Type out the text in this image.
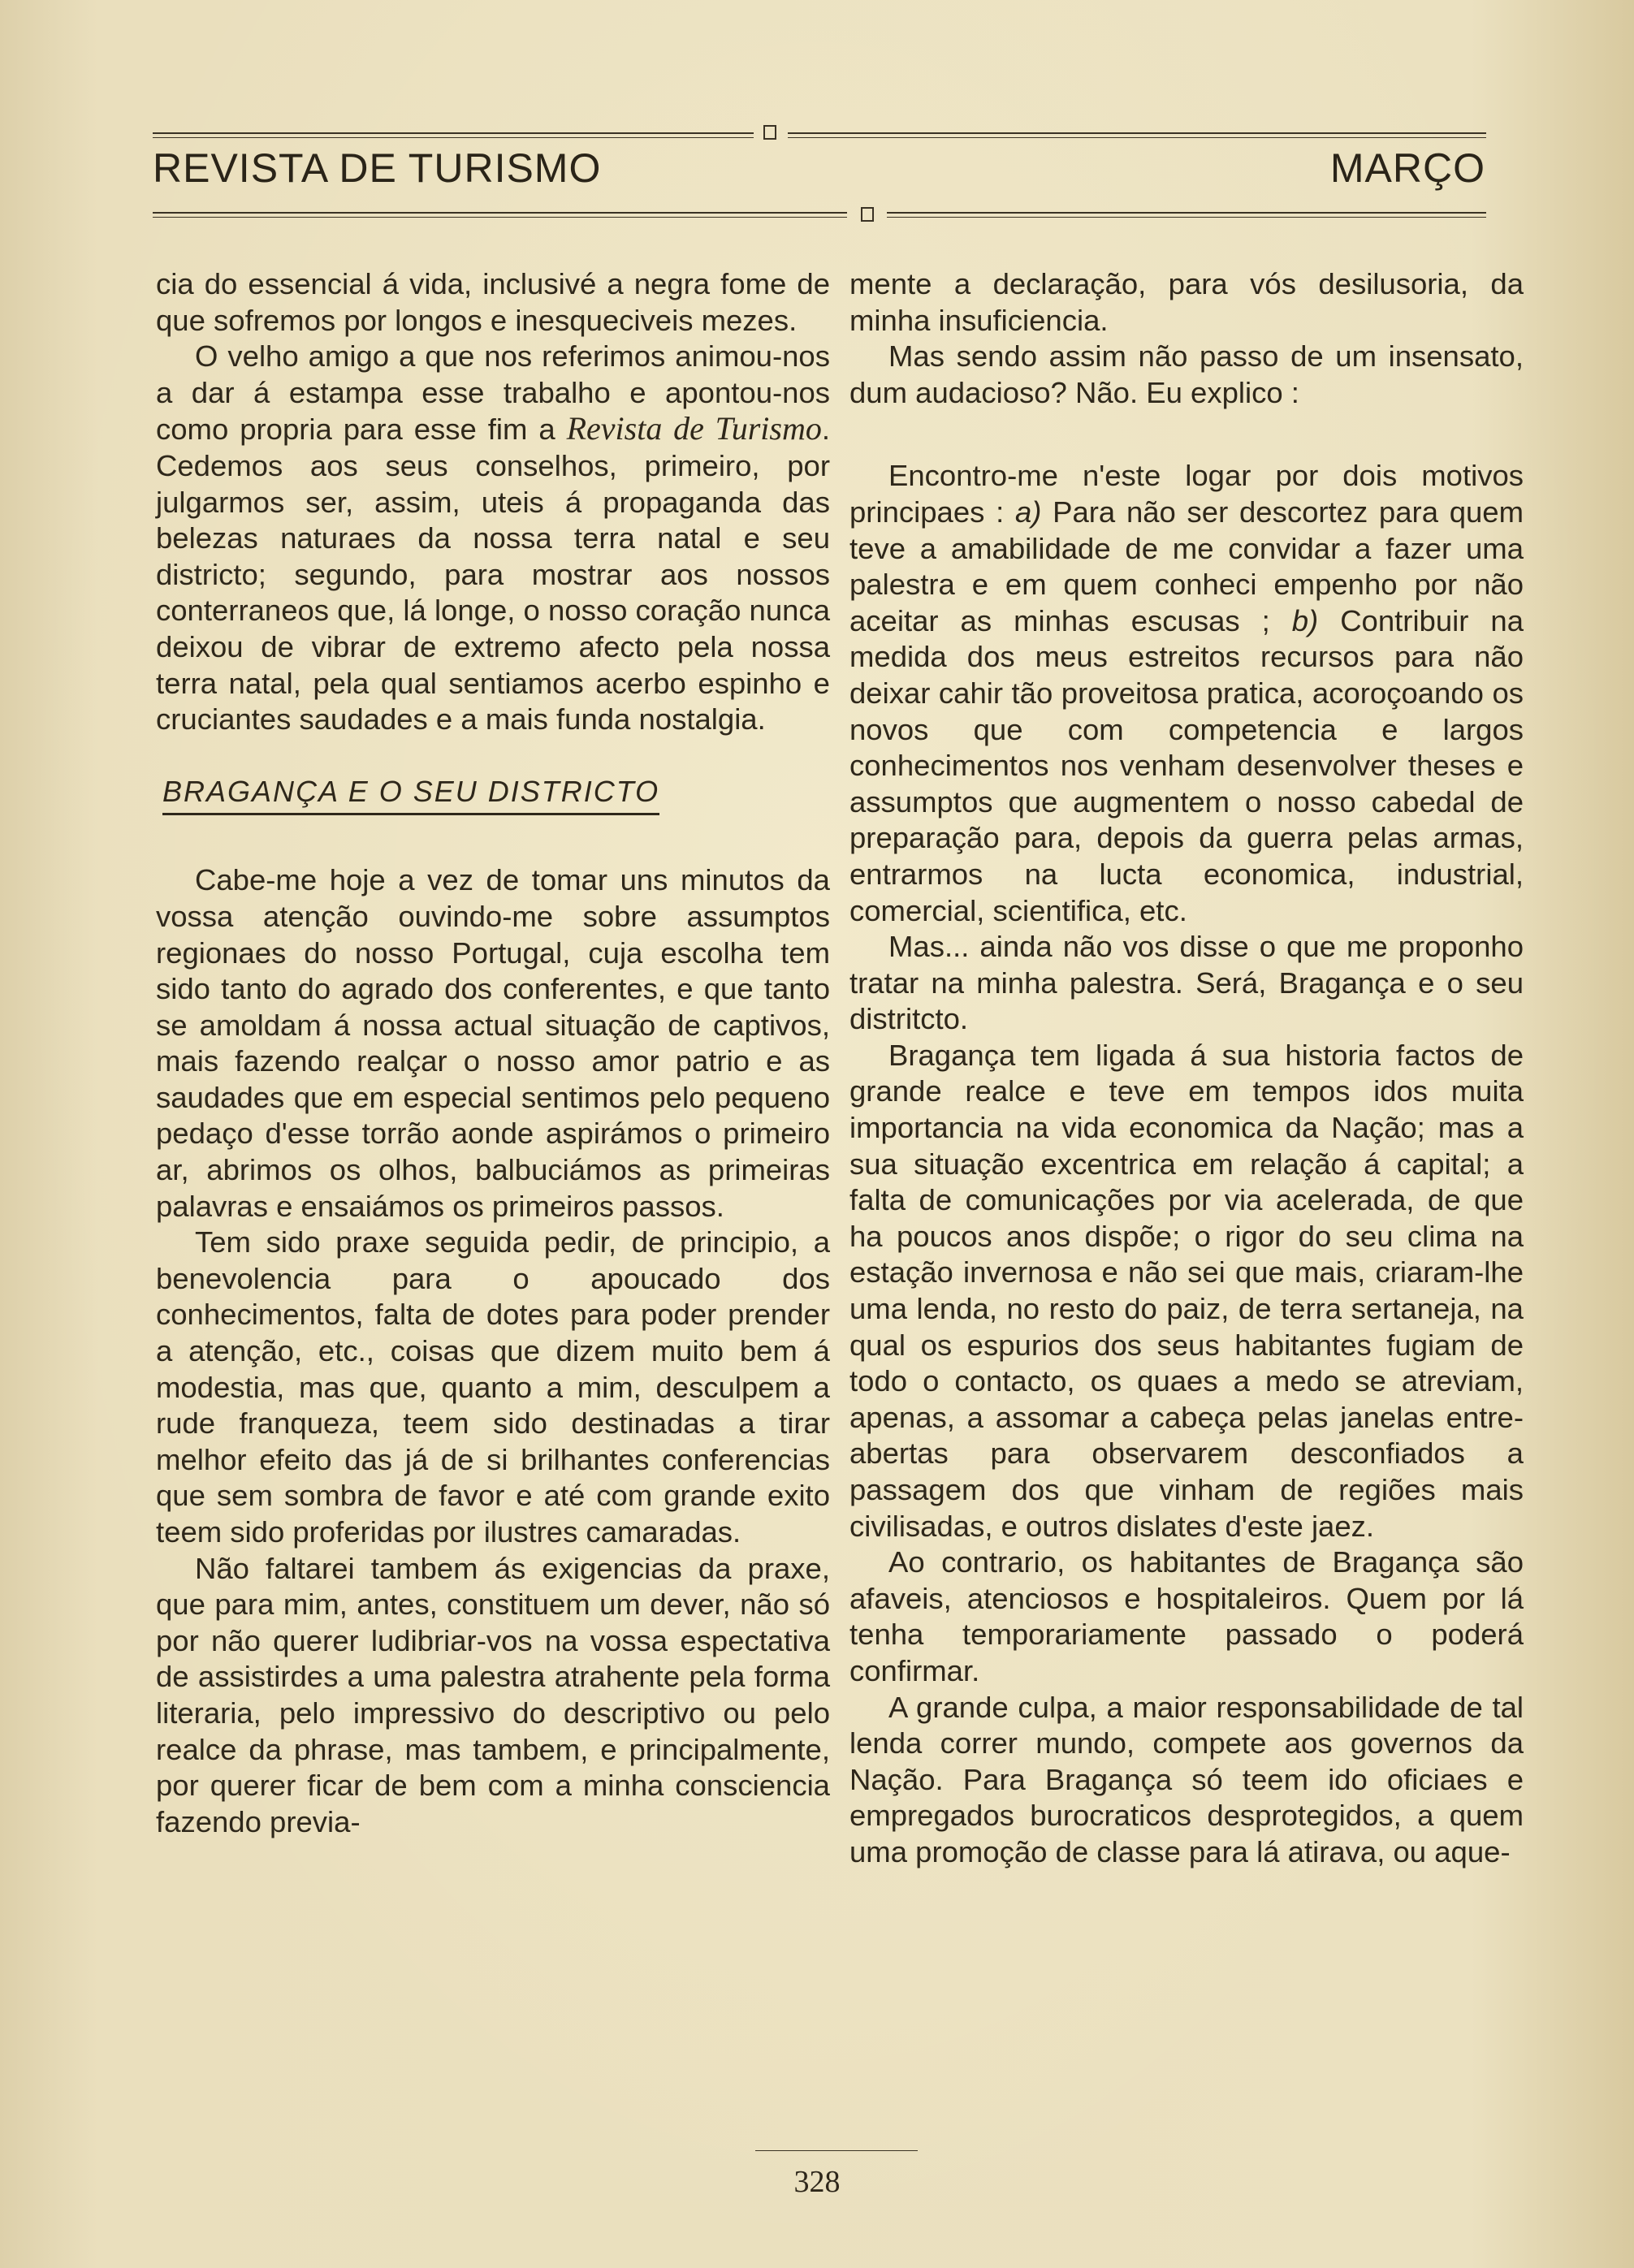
REVISTA DE TURISMO	MARÇO

cia do essencial á vida, inclusivé a negra fome de que sofremos por longos e inesqueciveis mezes.

O velho amigo a que nos referimos animou-nos a dar á estampa esse trabalho e apontou-nos como propria para esse fim a Revista de Turismo. Cedemos aos seus conselhos, primeiro, por julgarmos ser, assim, uteis á propaganda das belezas naturaes da nossa terra natal e seu districto; segundo, para mostrar aos nossos conterraneos que, lá longe, o nosso coração nunca deixou de vibrar de extremo afecto pela nossa terra natal, pela qual sentiamos acerbo espinho e cruciantes saudades e a mais funda nostalgia.

BRAGANÇA E O SEU DISTRICTO

Cabe-me hoje a vez de tomar uns minutos da vossa atenção ouvindo-me sobre assumptos regionaes do nosso Portugal, cuja escolha tem sido tanto do agrado dos conferentes, e que tanto se amoldam á nossa actual situação de captivos, mais fazendo realçar o nosso amor patrio e as saudades que em especial sentimos pelo pequeno pedaço d'esse torrão aonde aspirámos o primeiro ar, abrimos os olhos, balbuciámos as primeiras palavras e ensaiámos os primeiros passos.

Tem sido praxe seguida pedir, de principio, a benevolencia para o apoucado dos conhecimentos, falta de dotes para poder prender a atenção, etc., coisas que dizem muito bem á modestia, mas que, quanto a mim, desculpem a rude franqueza, teem sido destinadas a tirar melhor efeito das já de si brilhantes conferencias que sem sombra de favor e até com grande exito teem sido proferidas por ilustres camaradas.

Não faltarei tambem ás exigencias da praxe, que para mim, antes, constituem um dever, não só por não querer ludibriar-vos na vossa espectativa de assistirdes a uma palestra atrahente pela forma literaria, pelo impressivo do descriptivo ou pelo realce da phrase, mas tambem, e principalmente, por querer ficar de bem com a minha consciencia fazendo previa-

mente a declaração, para vós desilusoria, da minha insuficiencia.

Mas sendo assim não passo de um insensato, dum audacioso? Não. Eu explico :

Encontro-me n'este logar por dois motivos principaes : a) Para não ser descortez para quem teve a amabilidade de me convidar a fazer uma palestra e em quem conheci empenho por não aceitar as minhas escusas ; b) Contribuir na medida dos meus estreitos recursos para não deixar cahir tão proveitosa pratica, acoroçoando os novos que com competencia e largos conhecimentos nos venham desenvolver theses e assumptos que augmentem o nosso cabedal de preparação para, depois da guerra pelas armas, entrarmos na lucta economica, industrial, comercial, scientifica, etc.

Mas... ainda não vos disse o que me proponho tratar na minha palestra. Será, Bragança e o seu distritcto.

Bragança tem ligada á sua historia factos de grande realce e teve em tempos idos muita importancia na vida economica da Nação; mas a sua situação excentrica em relação á capital; a falta de comunicações por via acelerada, de que ha poucos anos dispõe; o rigor do seu clima na estação invernosa e não sei que mais, criaram-lhe uma lenda, no resto do paiz, de terra sertaneja, na qual os espurios dos seus habitantes fugiam de todo o contacto, os quaes a medo se atreviam, apenas, a assomar a cabeça pelas janelas entre-abertas para observarem desconfiados a passagem dos que vinham de regiões mais civilisadas, e outros dislates d'este jaez.

Ao contrario, os habitantes de Bragança são afaveis, atenciosos e hospitaleiros. Quem por lá tenha temporariamente passado o poderá confirmar.

A grande culpa, a maior responsabilidade de tal lenda correr mundo, compete aos governos da Nação. Para Bragança só teem ido oficiaes e empregados burocraticos desprotegidos, a quem uma promoção de classe para lá atirava, ou aque-

328
